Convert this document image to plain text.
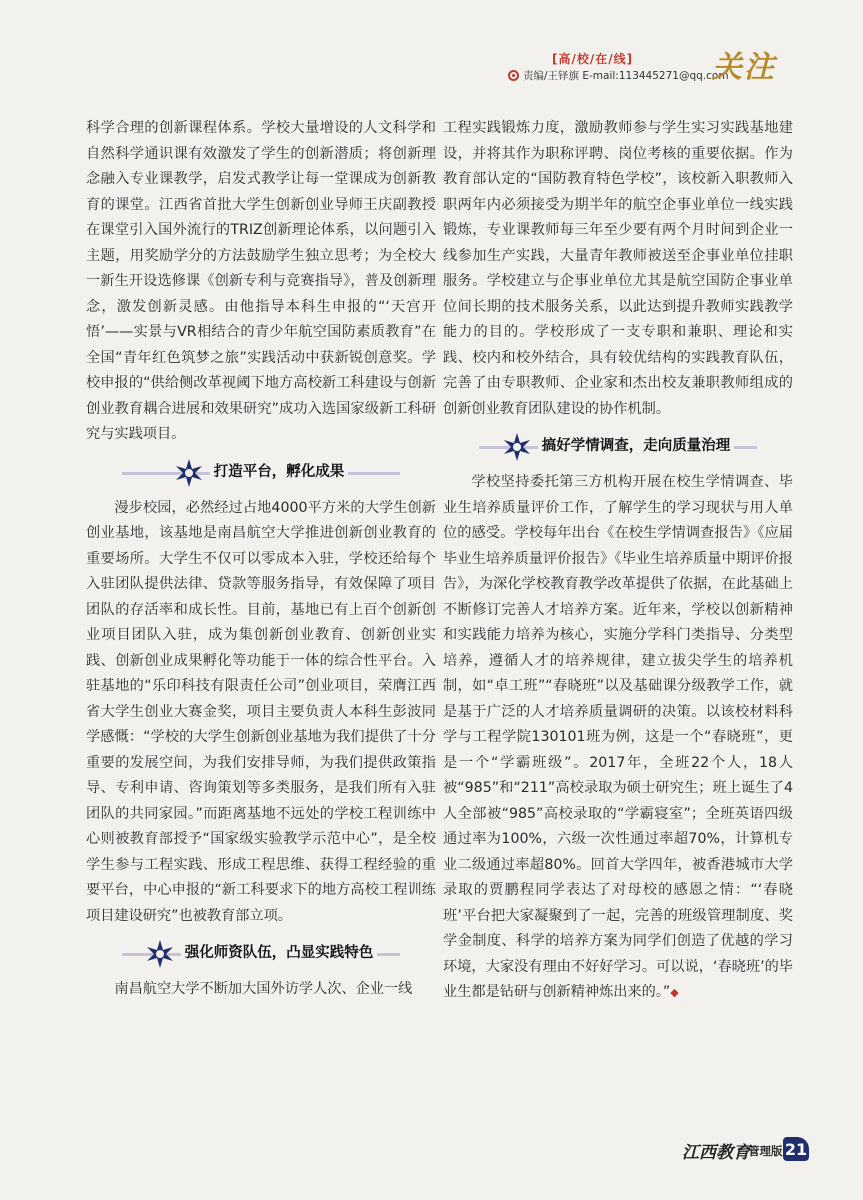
[高/校/在/线]
责编/王铎旗 E-mail:113445271@qq.com
关注

科学合理的创新课程体系。学校大量增设的人文科学和自然科学通识课有效激发了学生的创新潜质；将创新理念融入专业课教学，启发式教学让每一堂课成为创新教育的课堂。江西省首批大学生创新创业导师王庆副教授在课堂引入国外流行的TRIZ创新理论体系，以问题引入主题，用奖励学分的方法鼓励学生独立思考；为全校大一新生开设选修课《创新专利与竞赛指导》，普及创新理念，激发创新灵感。由他指导本科生申报的“‘天宫开悟’——实景与VR相结合的青少年航空国防素质教育”在全国“青年红色筑梦之旅”实践活动中获新锐创意奖。学校申报的“供给侧改革视阈下地方高校新工科建设与创新创业教育耦合进展和效果研究”成功入选国家级新工科研究与实践项目。

打造平台，孵化成果

漫步校园，必然经过占地4000平方米的大学生创新创业基地，该基地是南昌航空大学推进创新创业教育的重要场所。大学生不仅可以零成本入驻，学校还给每个入驻团队提供法律、贷款等服务指导，有效保障了项目团队的存活率和成长性。目前，基地已有上百个创新创业项目团队入驻，成为集创新创业教育、创新创业实践、创新创业成果孵化等功能于一体的综合性平台。入驻基地的“乐印科技有限责任公司”创业项目，荣膺江西省大学生创业大赛金奖，项目主要负责人本科生彭波同学感慨：“学校的大学生创新创业基地为我们提供了十分重要的发展空间，为我们安排导师，为我们提供政策指导、专利申请、咨询策划等多类服务，是我们所有入驻团队的共同家园。”而距离基地不远处的学校工程训练中心则被教育部授予“国家级实验教学示范中心”，是全校学生参与工程实践、形成工程思维、获得工程经验的重要平台，中心申报的“新工科要求下的地方高校工程训练项目建设研究”也被教育部立项。

强化师资队伍，凸显实践特色

南昌航空大学不断加大国外访学人次、企业一线

工程实践锻炼力度，激励教师参与学生实习实践基地建设，并将其作为职称评聘、岗位考核的重要依据。作为教育部认定的“国防教育特色学校”，该校新入职教师入职两年内必须接受为期半年的航空企事业单位一线实践锻炼，专业课教师每三年至少要有两个月时间到企业一线参加生产实践，大量青年教师被送至企事业单位挂职服务。学校建立与企事业单位尤其是航空国防企事业单位间长期的技术服务关系，以此达到提升教师实践教学能力的目的。学校形成了一支专职和兼职、理论和实践、校内和校外结合，具有较优结构的实践教育队伍，完善了由专职教师、企业家和杰出校友兼职教师组成的创新创业教育团队建设的协作机制。

搞好学情调查，走向质量治理

学校坚持委托第三方机构开展在校生学情调查、毕业生培养质量评价工作，了解学生的学习现状与用人单位的感受。学校每年出台《在校生学情调查报告》《应届毕业生培养质量评价报告》《毕业生培养质量中期评价报告》，为深化学校教育教学改革提供了依据，在此基础上不断修订完善人才培养方案。近年来，学校以创新精神和实践能力培养为核心，实施分学科门类指导、分类型培养，遵循人才的培养规律，建立拔尖学生的培养机制，如“卓工班”“春晓班”以及基础课分级教学工作，就是基于广泛的人才培养质量调研的决策。以该校材料科学与工程学院130101班为例，这是一个“春晓班”，更是一个“学霸班级”。2017年，全班22个人，18人被“985”和“211”高校录取为硕士研究生；班上诞生了4人全部被“985”高校录取的“学霸寝室”；全班英语四级通过率为100%，六级一次性通过率超70%，计算机专业二级通过率超80%。回首大学四年，被香港城市大学录取的贾鹏程同学表达了对母校的感恩之情：“‘春晓班’平台把大家凝聚到了一起，完善的班级管理制度、奖学金制度、科学的培养方案为同学们创造了优越的学习环境，大家没有理由不好好学习。可以说，‘春晓班’的毕业生都是钻研与创新精神炼出来的。”◆

江西教育
管理版 21
